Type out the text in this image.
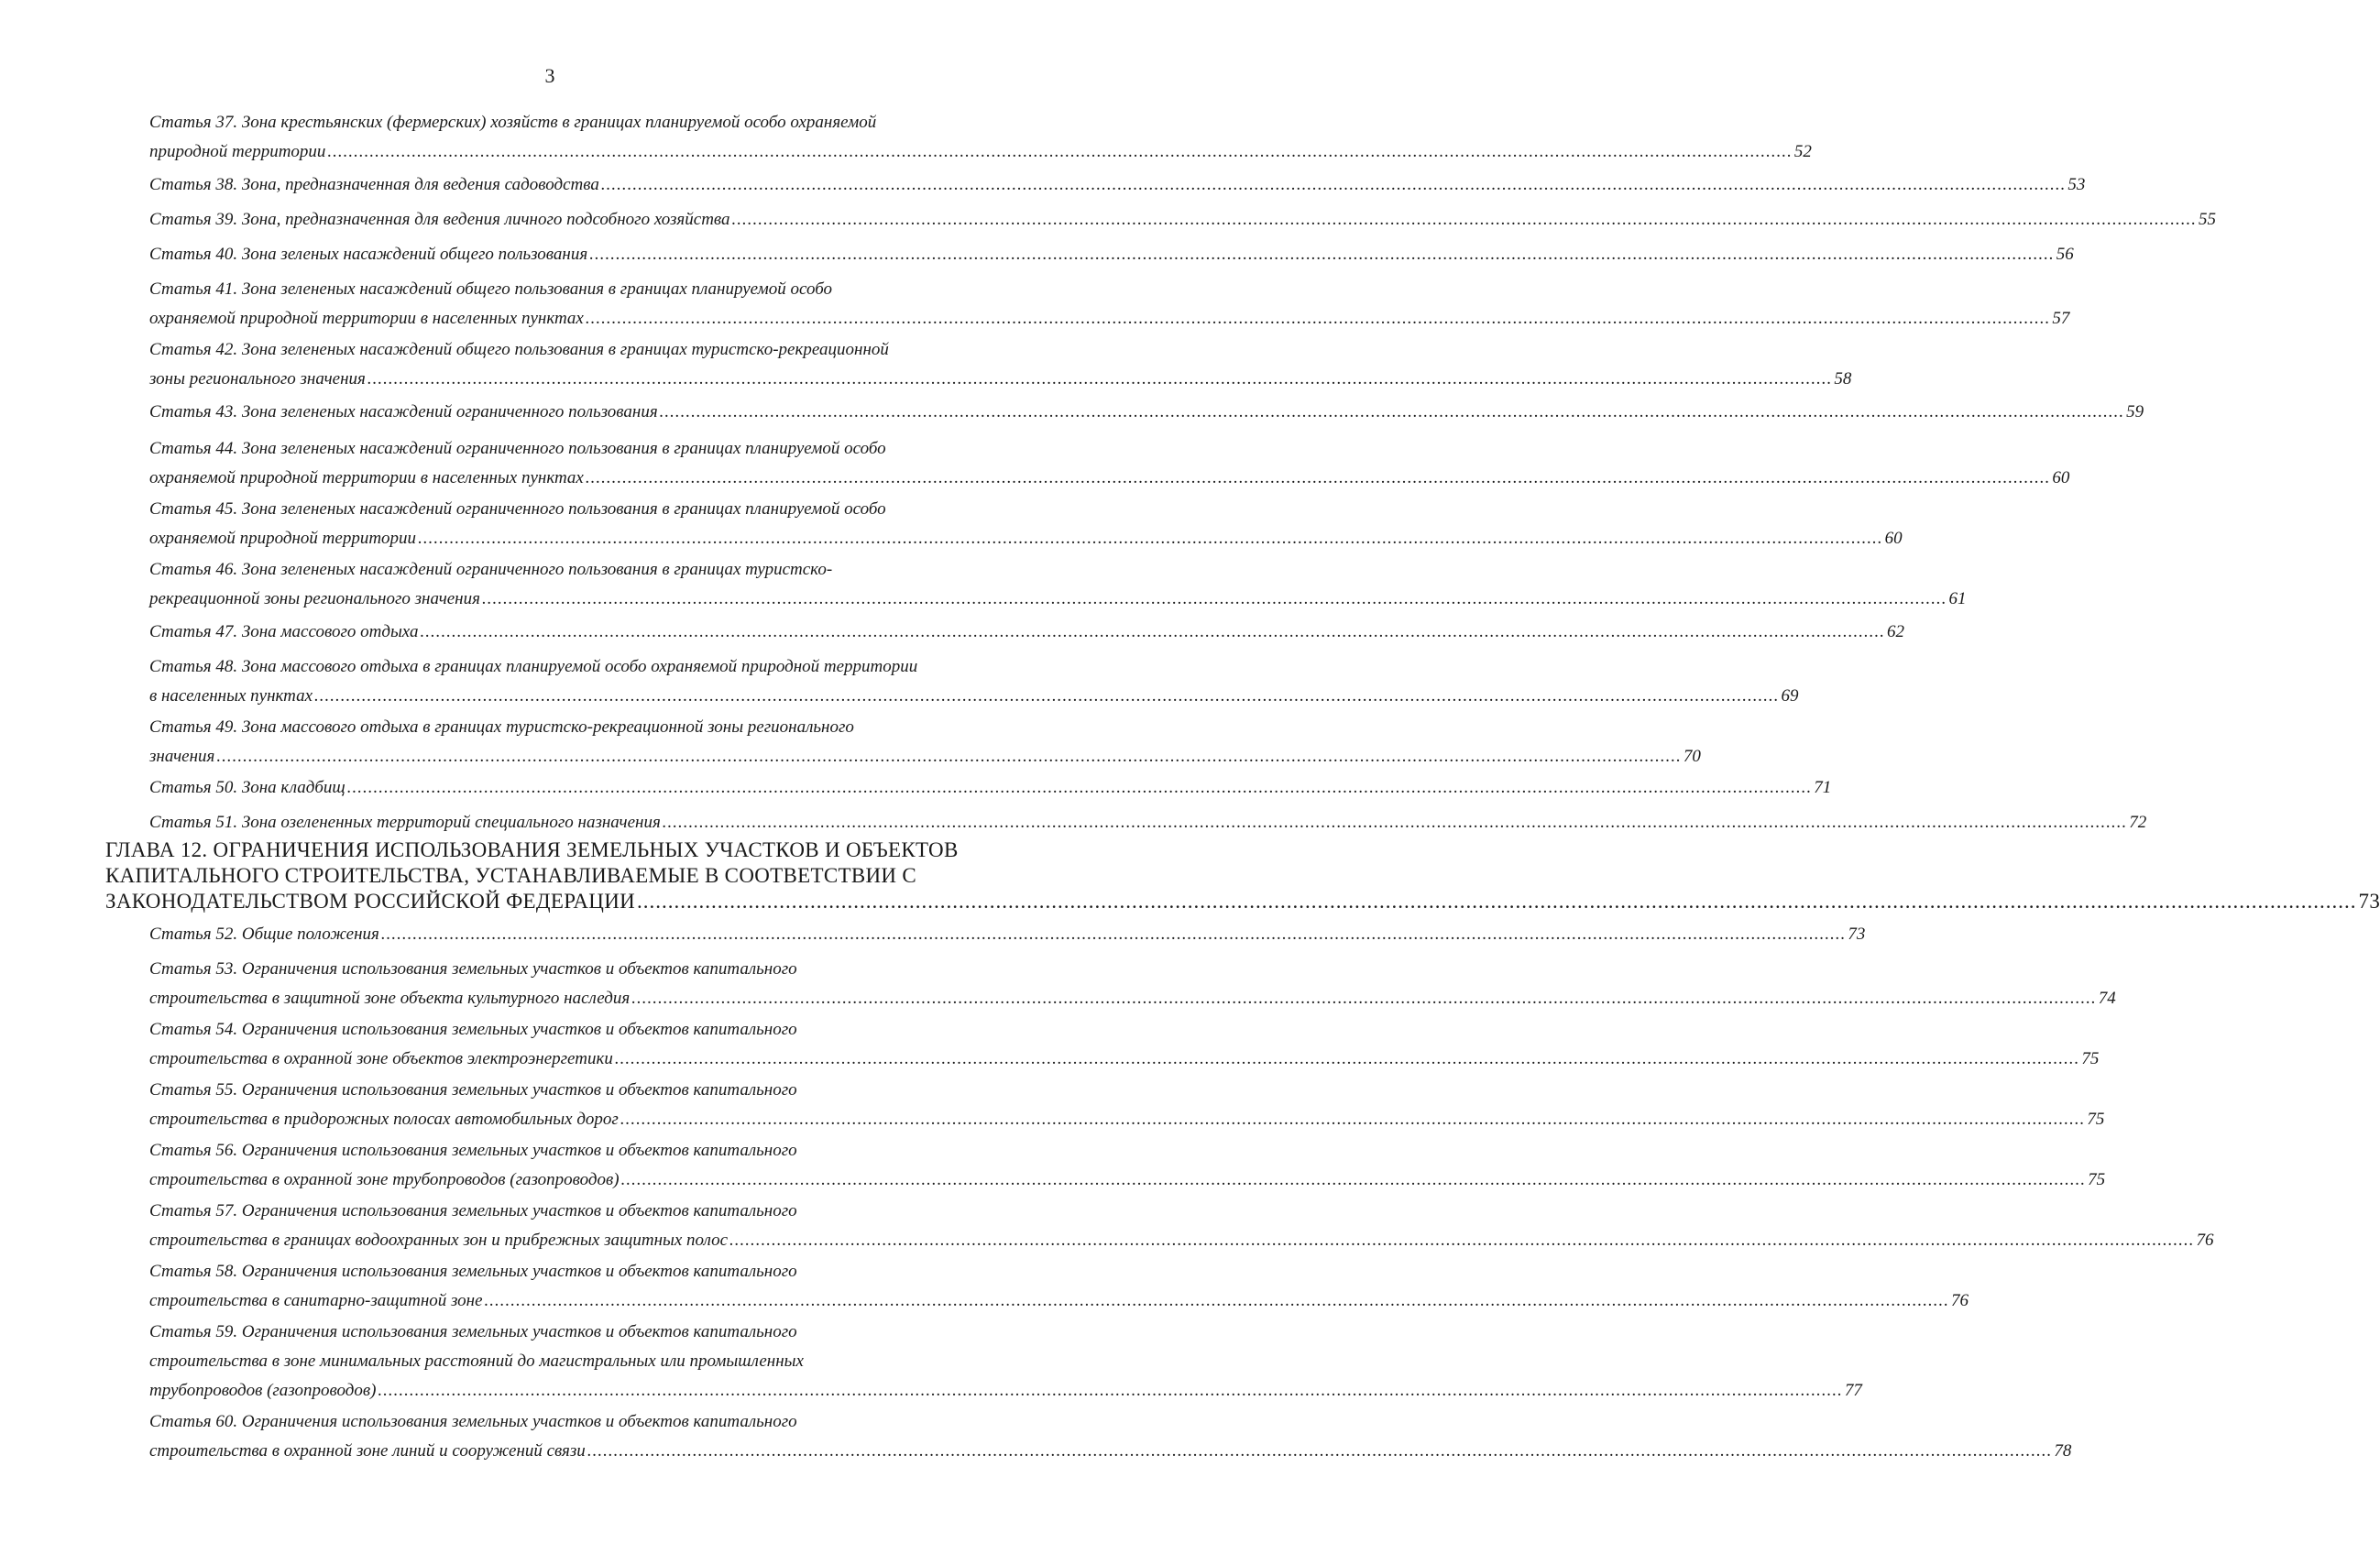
3
Статья 37. Зона крестьянских (фермерских) хозяйств в границах планируемой особо охраняемой
природной территории ...................................................................................................................................................................................................................................................................................... 52
Статья 38. Зона, предназначенная для ведения садоводства ...................................................................................................................................................................................................................................................................................... 53
Статья 39. Зона, предназначенная для ведения личного подсобного хозяйства ...................................................................................................................................................................................................................................................................................... 55
Статья 40. Зона зеленых насаждений общего пользования ...................................................................................................................................................................................................................................................................................... 56
Статья 41. Зона зелененых насаждений общего пользования в границах планируемой особо
охраняемой природной территории в населенных пунктах ...................................................................................................................................................................................................................................................................................... 57
Статья 42. Зона зелененых насаждений общего пользования в границах туристско-рекреационной
зоны регионального значения ...................................................................................................................................................................................................................................................................................... 58
Статья 43. Зона зелененых насаждений ограниченного пользования ...................................................................................................................................................................................................................................................................................... 59
Статья 44. Зона зелененых насаждений ограниченного пользования в границах планируемой особо
охраняемой природной территории в населенных пунктах ...................................................................................................................................................................................................................................................................................... 60
Статья 45. Зона зелененых насаждений ограниченного пользования в границах планируемой особо
охраняемой природной территории ...................................................................................................................................................................................................................................................................................... 60
Статья 46. Зона зелененых насаждений ограниченного пользования в границах туристско-
рекреационной зоны регионального значения ...................................................................................................................................................................................................................................................................................... 61
Статья 47. Зона массового отдыха ...................................................................................................................................................................................................................................................................................... 62
Статья 48. Зона массового отдыха в границах планируемой особо охраняемой природной территории
в населенных пунктах ...................................................................................................................................................................................................................................................................................... 69
Статья 49. Зона массового отдыха в границах туристско-рекреационной зоны регионального
значения ...................................................................................................................................................................................................................................................................................... 70
Статья 50. Зона кладбищ ...................................................................................................................................................................................................................................................................................... 71
Статья 51. Зона озелененных территорий специального назначения ...................................................................................................................................................................................................................................................................................... 72
Статья 52. Общие положения ...................................................................................................................................................................................................................................................................................... 73
Статья 53. Ограничения использования земельных участков и объектов капитального
строительства в защитной зоне объекта культурного наследия ...................................................................................................................................................................................................................................................................................... 74
Статья 54. Ограничения использования земельных участков и объектов капитального
строительства в охранной зоне объектов электроэнергетики ...................................................................................................................................................................................................................................................................................... 75
Статья 55. Ограничения использования земельных участков и объектов капитального
строительства в придорожных полосах автомобильных дорог ...................................................................................................................................................................................................................................................................................... 75
Статья 56. Ограничения использования земельных участков и объектов капитального
строительства в охранной зоне трубопроводов (газопроводов) ...................................................................................................................................................................................................................................................................................... 75
Статья 57. Ограничения использования земельных участков и объектов капитального
строительства в границах водоохранных зон и прибрежных защитных полос ...................................................................................................................................................................................................................................................................................... 76
Статья 58. Ограничения использования земельных участков и объектов капитального
строительства в санитарно-защитной зоне ...................................................................................................................................................................................................................................................................................... 76
Статья 59. Ограничения использования земельных участков и объектов капитального
строительства в зоне минимальных расстояний до магистральных или промышленных
трубопроводов (газопроводов) ...................................................................................................................................................................................................................................................................................... 77
Статья 60. Ограничения использования земельных участков и объектов капитального
строительства в охранной зоне линий и сооружений связи ...................................................................................................................................................................................................................................................................................... 78
ГЛАВА 12. ОГРАНИЧЕНИЯ ИСПОЛЬЗОВАНИЯ ЗЕМЕЛЬНЫХ УЧАСТКОВ И ОБЪЕКТОВ
КАПИТАЛЬНОГО СТРОИТЕЛЬСТВА, УСТАНАВЛИВАЕМЫЕ В СООТВЕТСТВИИ С
ЗАКОНОДАТЕЛЬСТВОМ РОССИЙСКОЙ ФЕДЕРАЦИИ ...................................................................................................................................................................................................................................................................................... 73
